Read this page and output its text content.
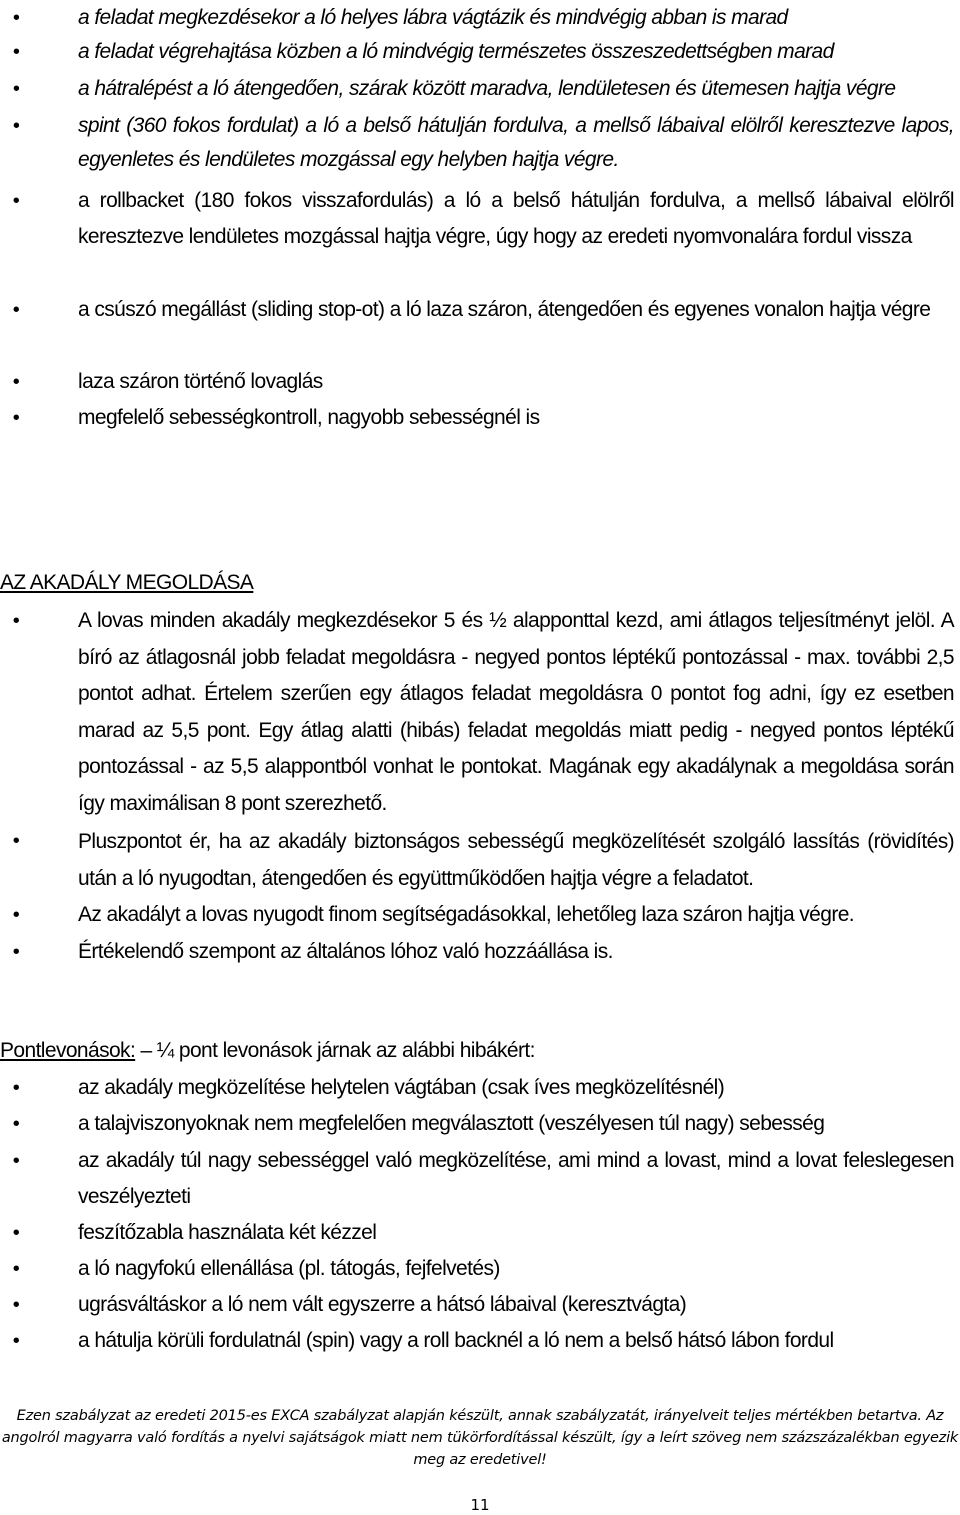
•	a feladat megkezdésekor a ló helyes lábra vágtázik és mindvégig abban is marad
•	a feladat végrehajtása közben a ló mindvégig természetes összeszedettségben marad
•	a hátralépést a ló átengedően, szárak között maradva, lendületesen és ütemesen hajtja végre
•	spint (360 fokos fordulat) a ló a belső hátulján fordulva, a mellső lábaival elölről keresztezve lapos, egyenletes és lendületes mozgással egy helyben hajtja végre.
•	a rollbacket (180 fokos visszafordulás) a ló a belső hátulján fordulva, a mellső lábaival elölről keresztezve lendületes mozgással hajtja végre, úgy hogy az eredeti nyomvonalára fordul vissza
•	a csúszó megállást (sliding stop-ot) a ló laza száron, átengedően és egyenes vonalon hajtja végre
•	laza száron történő lovaglás
•	megfelelő sebességkontroll, nagyobb sebességnél is
AZ AKADÁLY MEGOLDÁSA
•	A lovas minden akadály megkezdésekor 5 és ½ alapponttal kezd, ami átlagos teljesítményt jelöl. A bíró az átlagosnál jobb feladat megoldásra - negyed pontos léptékű pontozással - max. további 2,5 pontot adhat. Értelem szerűen egy átlagos feladat megoldásra 0 pontot fog adni, így ez esetben marad az 5,5 pont. Egy átlag alatti (hibás) feladat megoldás miatt pedig - negyed pontos léptékű pontozással - az 5,5 alappontból vonhat le pontokat. Magának egy akadálynak a megoldása során így maximálisan 8 pont szerezhető.
•	Pluszpontot ér, ha az akadály biztonságos sebességű megközelítését szolgáló lassítás (rövidítés) után a ló nyugodtan, átengedően és együttműködően hajtja végre a feladatot.
•	Az akadályt a lovas nyugodt finom segítségadásokkal, lehetőleg laza száron hajtja végre.
•	Értékelendő szempont az általános lóhoz való hozzáállása is.
Pontlevonások: – ¼ pont levonások járnak az alábbi hibákért:
•	az akadály megközelítése helytelen vágtában (csak íves megközelítésnél)
•	a talajviszonyoknak nem megfelelően megválasztott (veszélyesen túl nagy) sebesség
•	az akadály túl nagy sebességgel való megközelítése, ami mind a lovast, mind a lovat feleslegesen veszélyezteti
•	feszítőzabla használata két kézzel
•	a ló nagyfokú ellenállása (pl. tátogás, fejfelvetés)
•	ugrásváltáskor a ló nem vált egyszerre a hátsó lábaival (keresztvágta)
•	a hátulja körüli fordulatnál (spin) vagy a roll backnél a ló nem a belső hátsó lábon fordul
Ezen szabályzat az eredeti 2015-es EXCA szabályzat alapján készült, annak szabályzatát, irányelveit teljes mértékben betartva. Az
angolról magyarra való fordítás a nyelvi sajátságok miatt nem tükörfordítással készült, így a leírt szöveg nem százszázalékban egyezik
meg az eredetivel!
11
